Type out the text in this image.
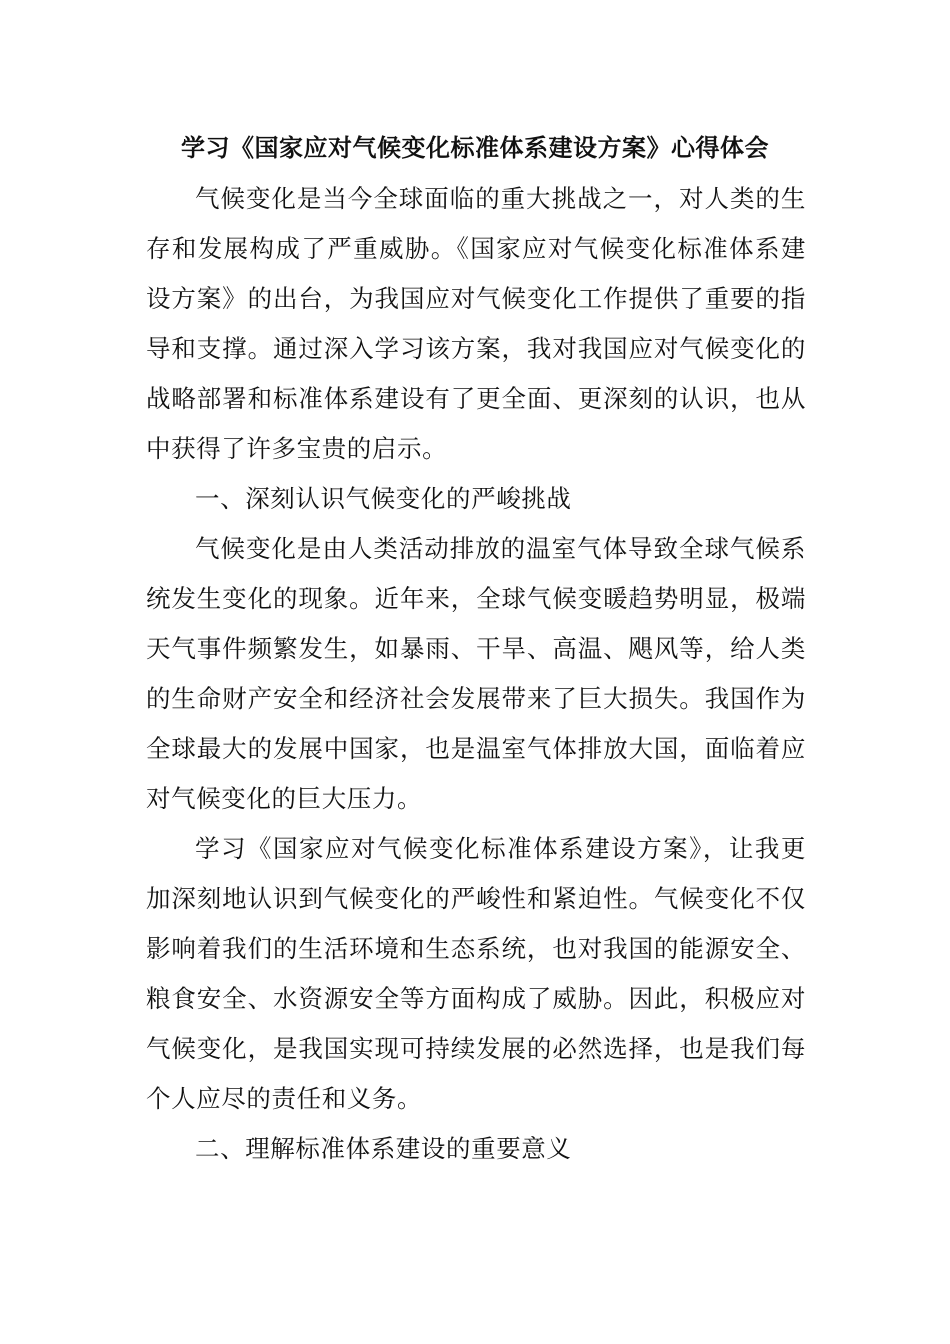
学习《国家应对气候变化标准体系建设方案》心得体会

气候变化是当今全球面临的重大挑战之一，对人类的生存和发展构成了严重威胁。《国家应对气候变化标准体系建设方案》的出台，为我国应对气候变化工作提供了重要的指导和支撑。通过深入学习该方案，我对我国应对气候变化的战略部署和标准体系建设有了更全面、更深刻的认识，也从中获得了许多宝贵的启示。

一、深刻认识气候变化的严峻挑战

气候变化是由人类活动排放的温室气体导致全球气候系统发生变化的现象。近年来，全球气候变暖趋势明显，极端天气事件频繁发生，如暴雨、干旱、高温、飓风等，给人类的生命财产安全和经济社会发展带来了巨大损失。我国作为全球最大的发展中国家，也是温室气体排放大国，面临着应对气候变化的巨大压力。

学习《国家应对气候变化标准体系建设方案》，让我更加深刻地认识到气候变化的严峻性和紧迫性。气候变化不仅影响着我们的生活环境和生态系统，也对我国的能源安全、粮食安全、水资源安全等方面构成了威胁。因此，积极应对气候变化，是我国实现可持续发展的必然选择，也是我们每个人应尽的责任和义务。

二、理解标准体系建设的重要意义
